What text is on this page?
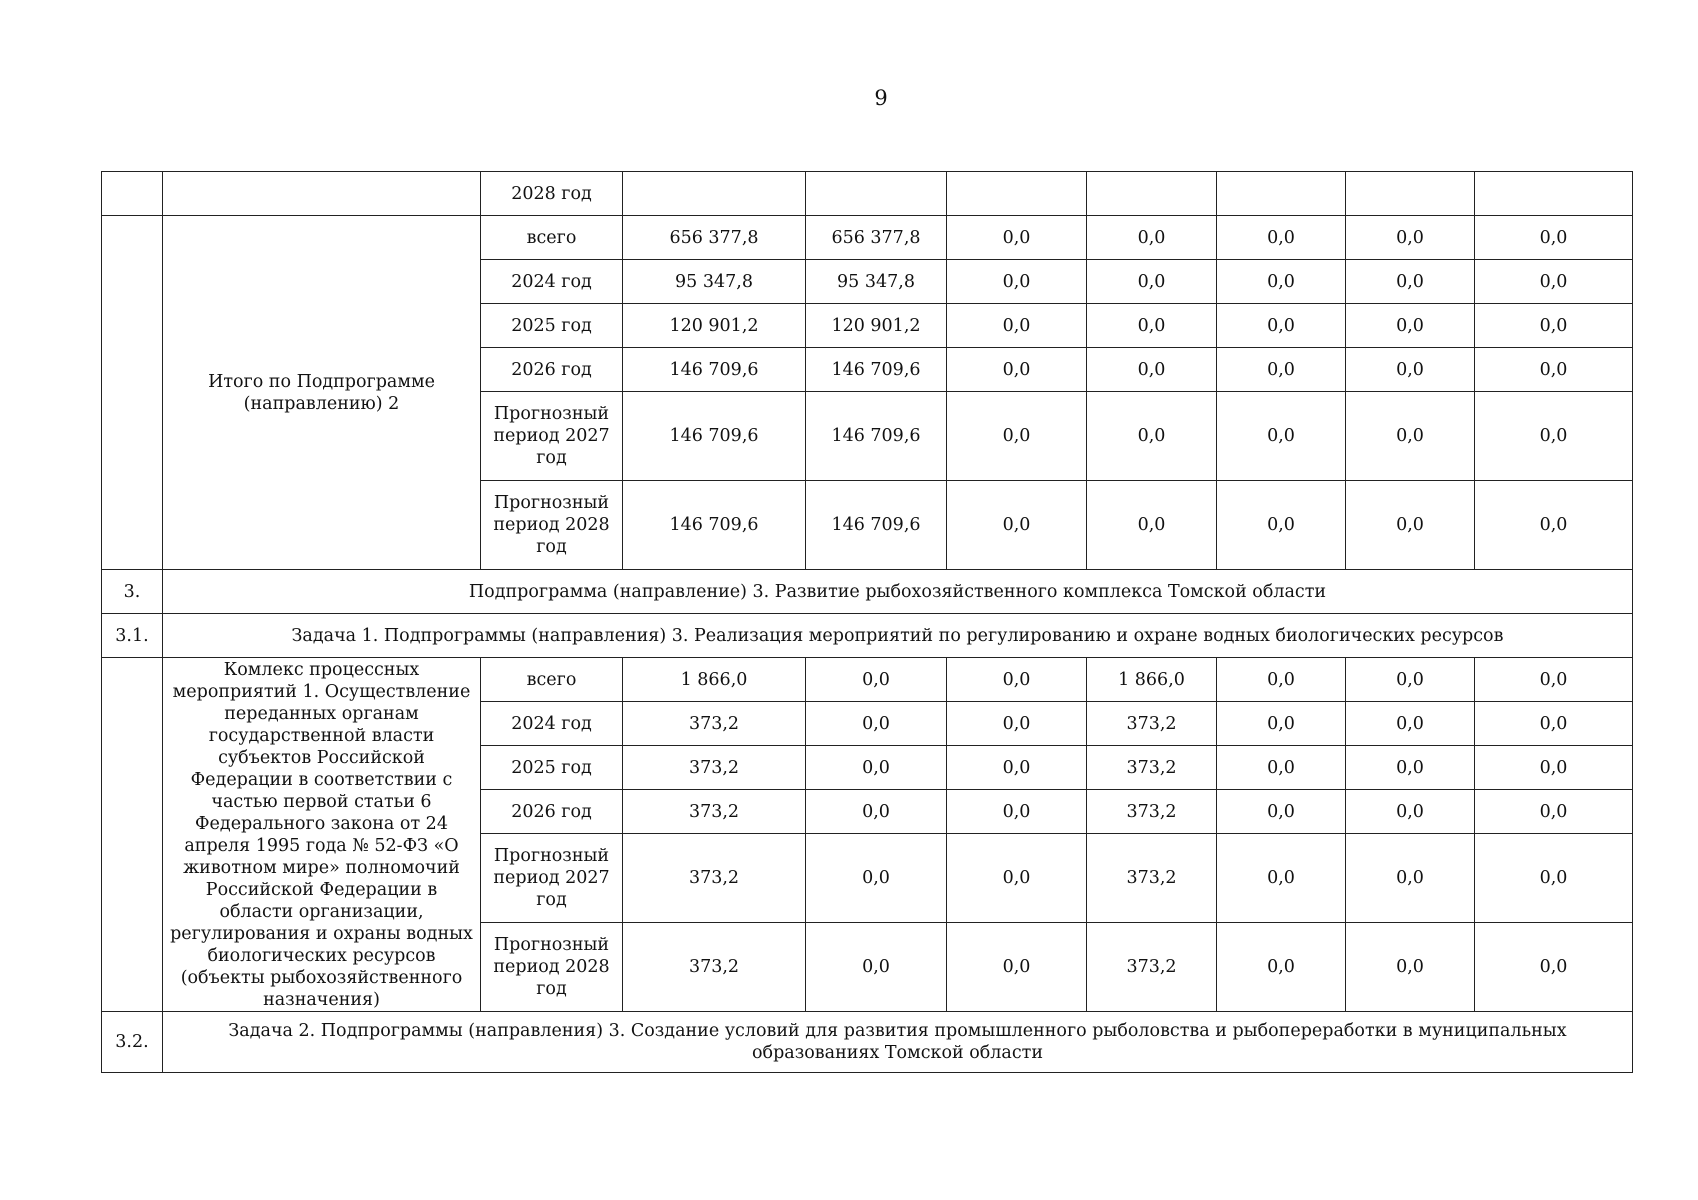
9
		2028 год							
	Итого по Подпрограмме (направлению) 2	всего	656 377,8	656 377,8	0,0	0,0	0,0	0,0	0,0
		2024 год	95 347,8	95 347,8	0,0	0,0	0,0	0,0	0,0
		2025 год	120 901,2	120 901,2	0,0	0,0	0,0	0,0	0,0
		2026 год	146 709,6	146 709,6	0,0	0,0	0,0	0,0	0,0
		Прогнозный период 2027 год	146 709,6	146 709,6	0,0	0,0	0,0	0,0	0,0
		Прогнозный период 2028 год	146 709,6	146 709,6	0,0	0,0	0,0	0,0	0,0
3.	Подпрограмма (направление) 3. Развитие рыбохозяйственного комплекса Томской области								
3.1.	Задача 1. Подпрограммы (направления) 3. Реализация мероприятий по регулированию и охране водных биологических ресурсов								
	Комлекс процессных мероприятий 1. Осуществление переданных органам государственной власти субъектов Российской Федерации в соответствии с частью первой статьи 6 Федерального закона от 24 апреля 1995 года № 52-ФЗ «О животном мире» полномочий Российской Федерации в области организации, регулирования и охраны водных биологических ресурсов (объекты рыбохозяйственного назначения)	всего	1 866,0	0,0	0,0	1 866,0	0,0	0,0	0,0
		2024 год	373,2	0,0	0,0	373,2	0,0	0,0	0,0
		2025 год	373,2	0,0	0,0	373,2	0,0	0,0	0,0
		2026 год	373,2	0,0	0,0	373,2	0,0	0,0	0,0
		Прогнозный период 2027 год	373,2	0,0	0,0	373,2	0,0	0,0	0,0
		Прогнозный период 2028 год	373,2	0,0	0,0	373,2	0,0	0,0	0,0
3.2.	Задача 2. Подпрограммы (направления) 3. Создание условий для развития промышленного рыболовства и рыбопереработки в муниципальных образованиях Томской области								
